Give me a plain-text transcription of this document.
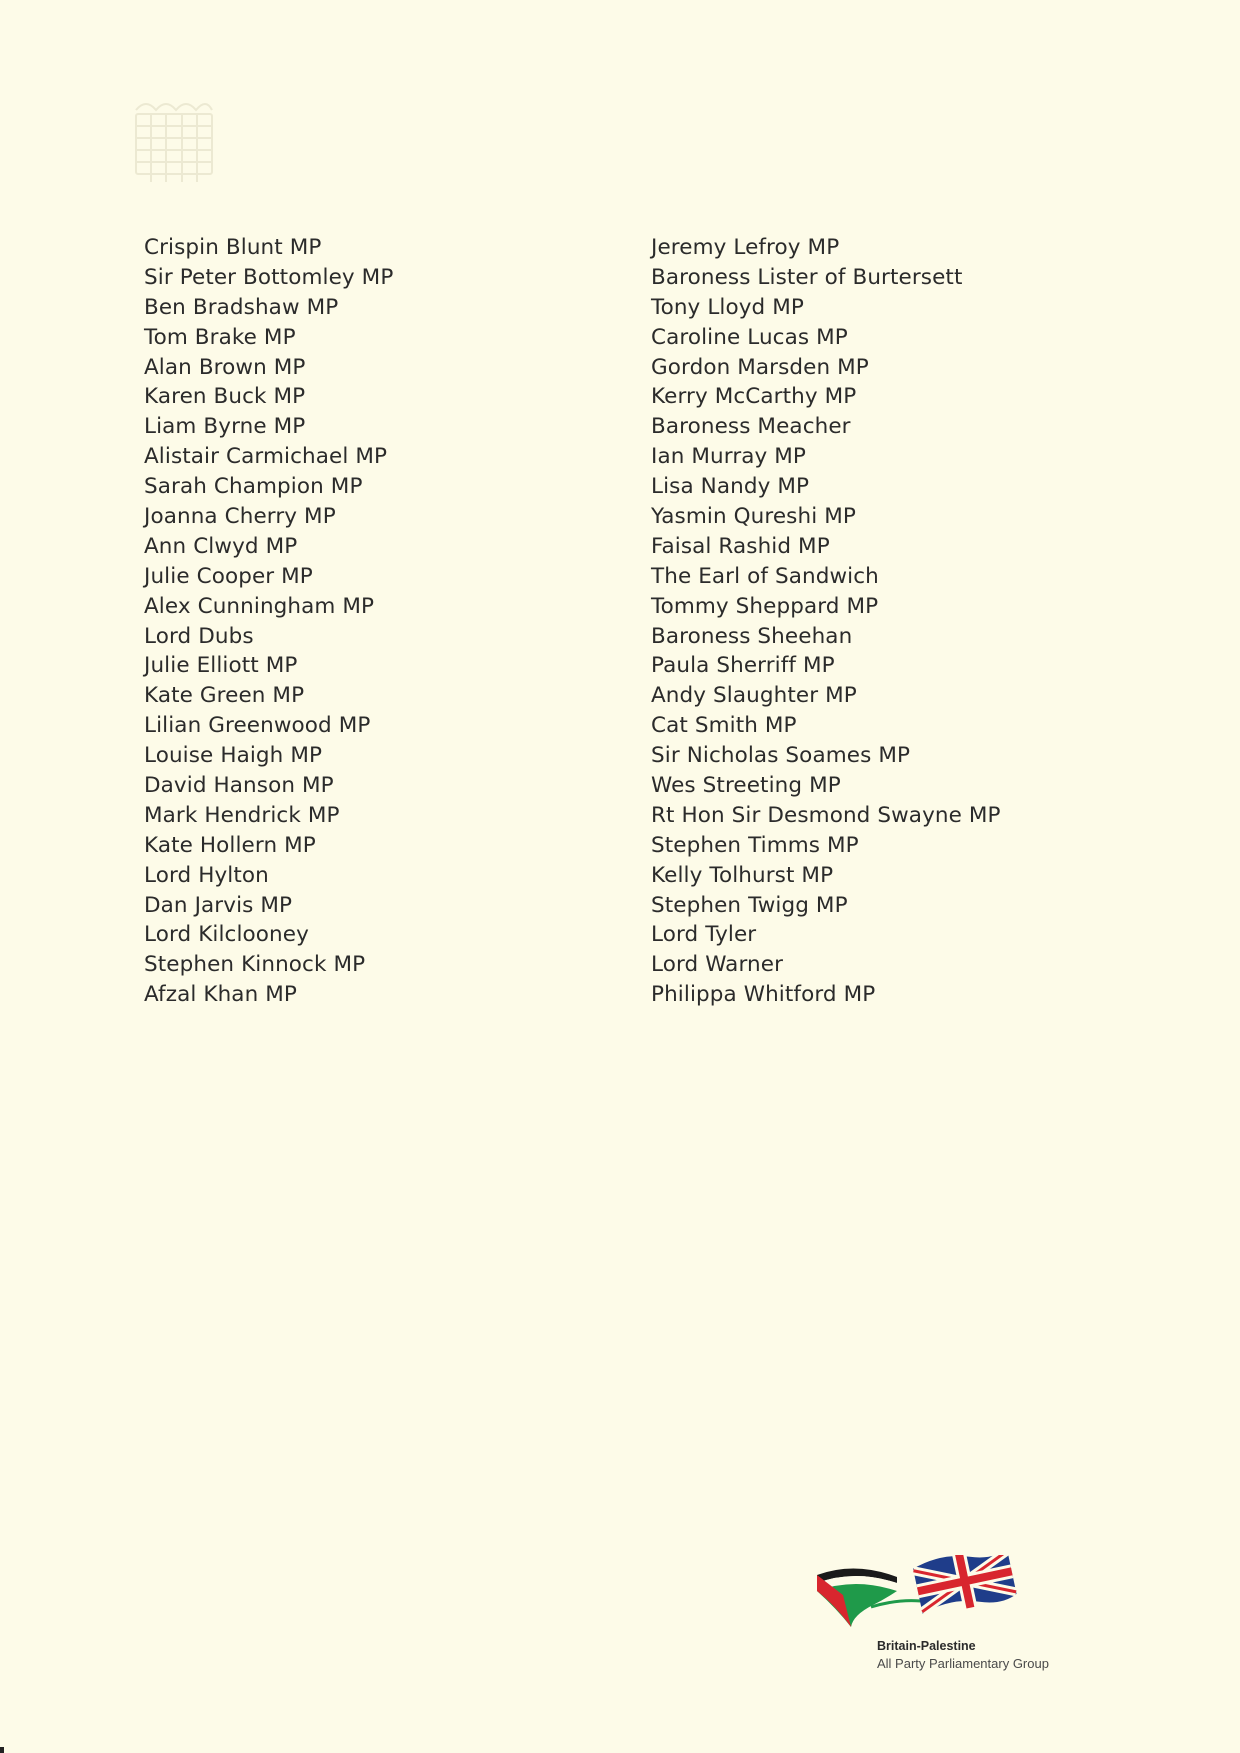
Crispin Blunt MP
Sir Peter Bottomley MP
Ben Bradshaw MP
Tom Brake MP
Alan Brown MP
Karen Buck MP
Liam Byrne MP
Alistair Carmichael MP
Sarah Champion MP
Joanna Cherry MP
Ann Clwyd MP
Julie Cooper MP
Alex Cunningham MP
Lord Dubs
Julie Elliott MP
Kate Green MP
Lilian Greenwood MP
Louise Haigh MP
David Hanson MP
Mark Hendrick MP
Kate Hollern MP
Lord Hylton
Dan Jarvis MP
Lord Kilclooney
Stephen Kinnock MP
Afzal Khan MP
Jeremy Lefroy MP
Baroness Lister of Burtersett
Tony Lloyd MP
Caroline Lucas MP
Gordon Marsden MP
Kerry McCarthy MP
Baroness Meacher
Ian Murray MP
Lisa Nandy MP
Yasmin Qureshi MP
Faisal Rashid MP
The Earl of Sandwich
Tommy Sheppard MP
Baroness Sheehan
Paula Sherriff MP
Andy Slaughter MP
Cat Smith MP
Sir Nicholas Soames MP
Wes Streeting MP
Rt Hon Sir Desmond Swayne MP
Stephen Timms MP
Kelly Tolhurst MP
Stephen Twigg MP
Lord Tyler
Lord Warner
Philippa Whitford MP
Britain-Palestine
All Party Parliamentary Group
